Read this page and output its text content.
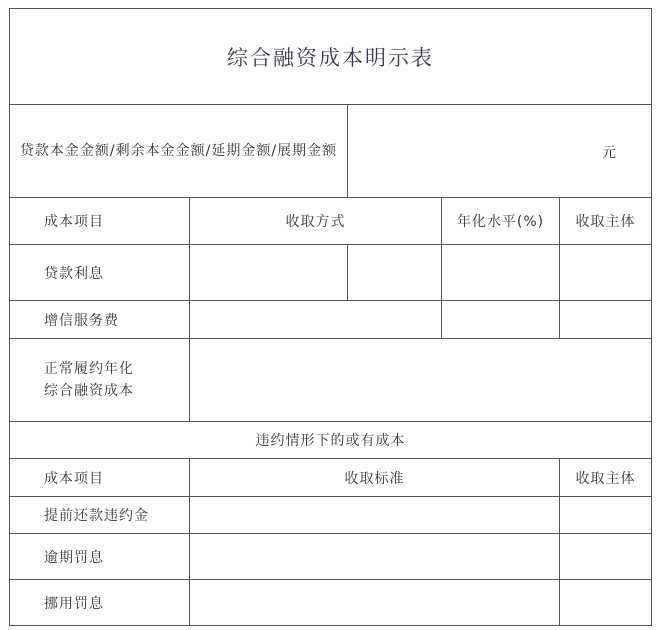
综合融资成本明示表
贷款本金金额/剩余本金金额/延期金额/展期金额	元
成本项目	收取方式	年化水平(%)	收取主体
贷款利息
增信服务费
正常履约年化
综合融资成本
违约情形下的或有成本
成本项目	收取标准	收取主体
提前还款违约金
逾期罚息
挪用罚息
